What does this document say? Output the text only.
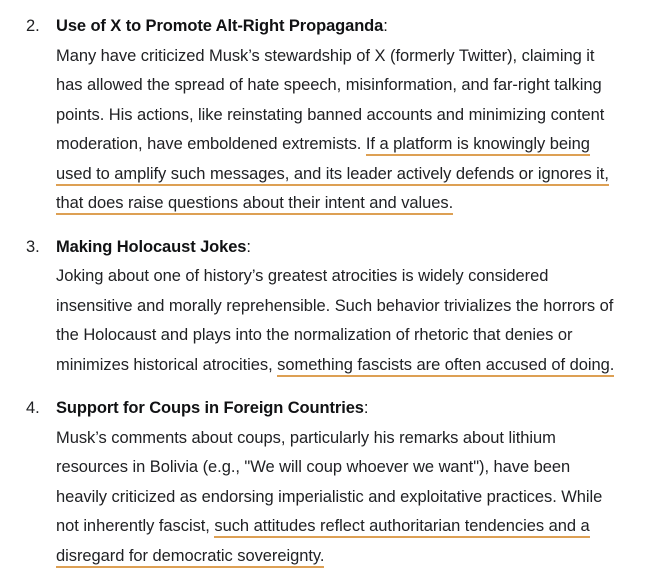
2. Use of X to Promote Alt-Right Propaganda:
Many have criticized Musk’s stewardship of X (formerly Twitter), claiming it has allowed the spread of hate speech, misinformation, and far-right talking points. His actions, like reinstating banned accounts and minimizing content moderation, have emboldened extremists. If a platform is knowingly being used to amplify such messages, and its leader actively defends or ignores it, that does raise questions about their intent and values.
3. Making Holocaust Jokes:
Joking about one of history’s greatest atrocities is widely considered insensitive and morally reprehensible. Such behavior trivializes the horrors of the Holocaust and plays into the normalization of rhetoric that denies or minimizes historical atrocities, something fascists are often accused of doing.
4. Support for Coups in Foreign Countries:
Musk’s comments about coups, particularly his remarks about lithium resources in Bolivia (e.g., "We will coup whoever we want"), have been heavily criticized as endorsing imperialistic and exploitative practices. While not inherently fascist, such attitudes reflect authoritarian tendencies and a disregard for democratic sovereignty.
